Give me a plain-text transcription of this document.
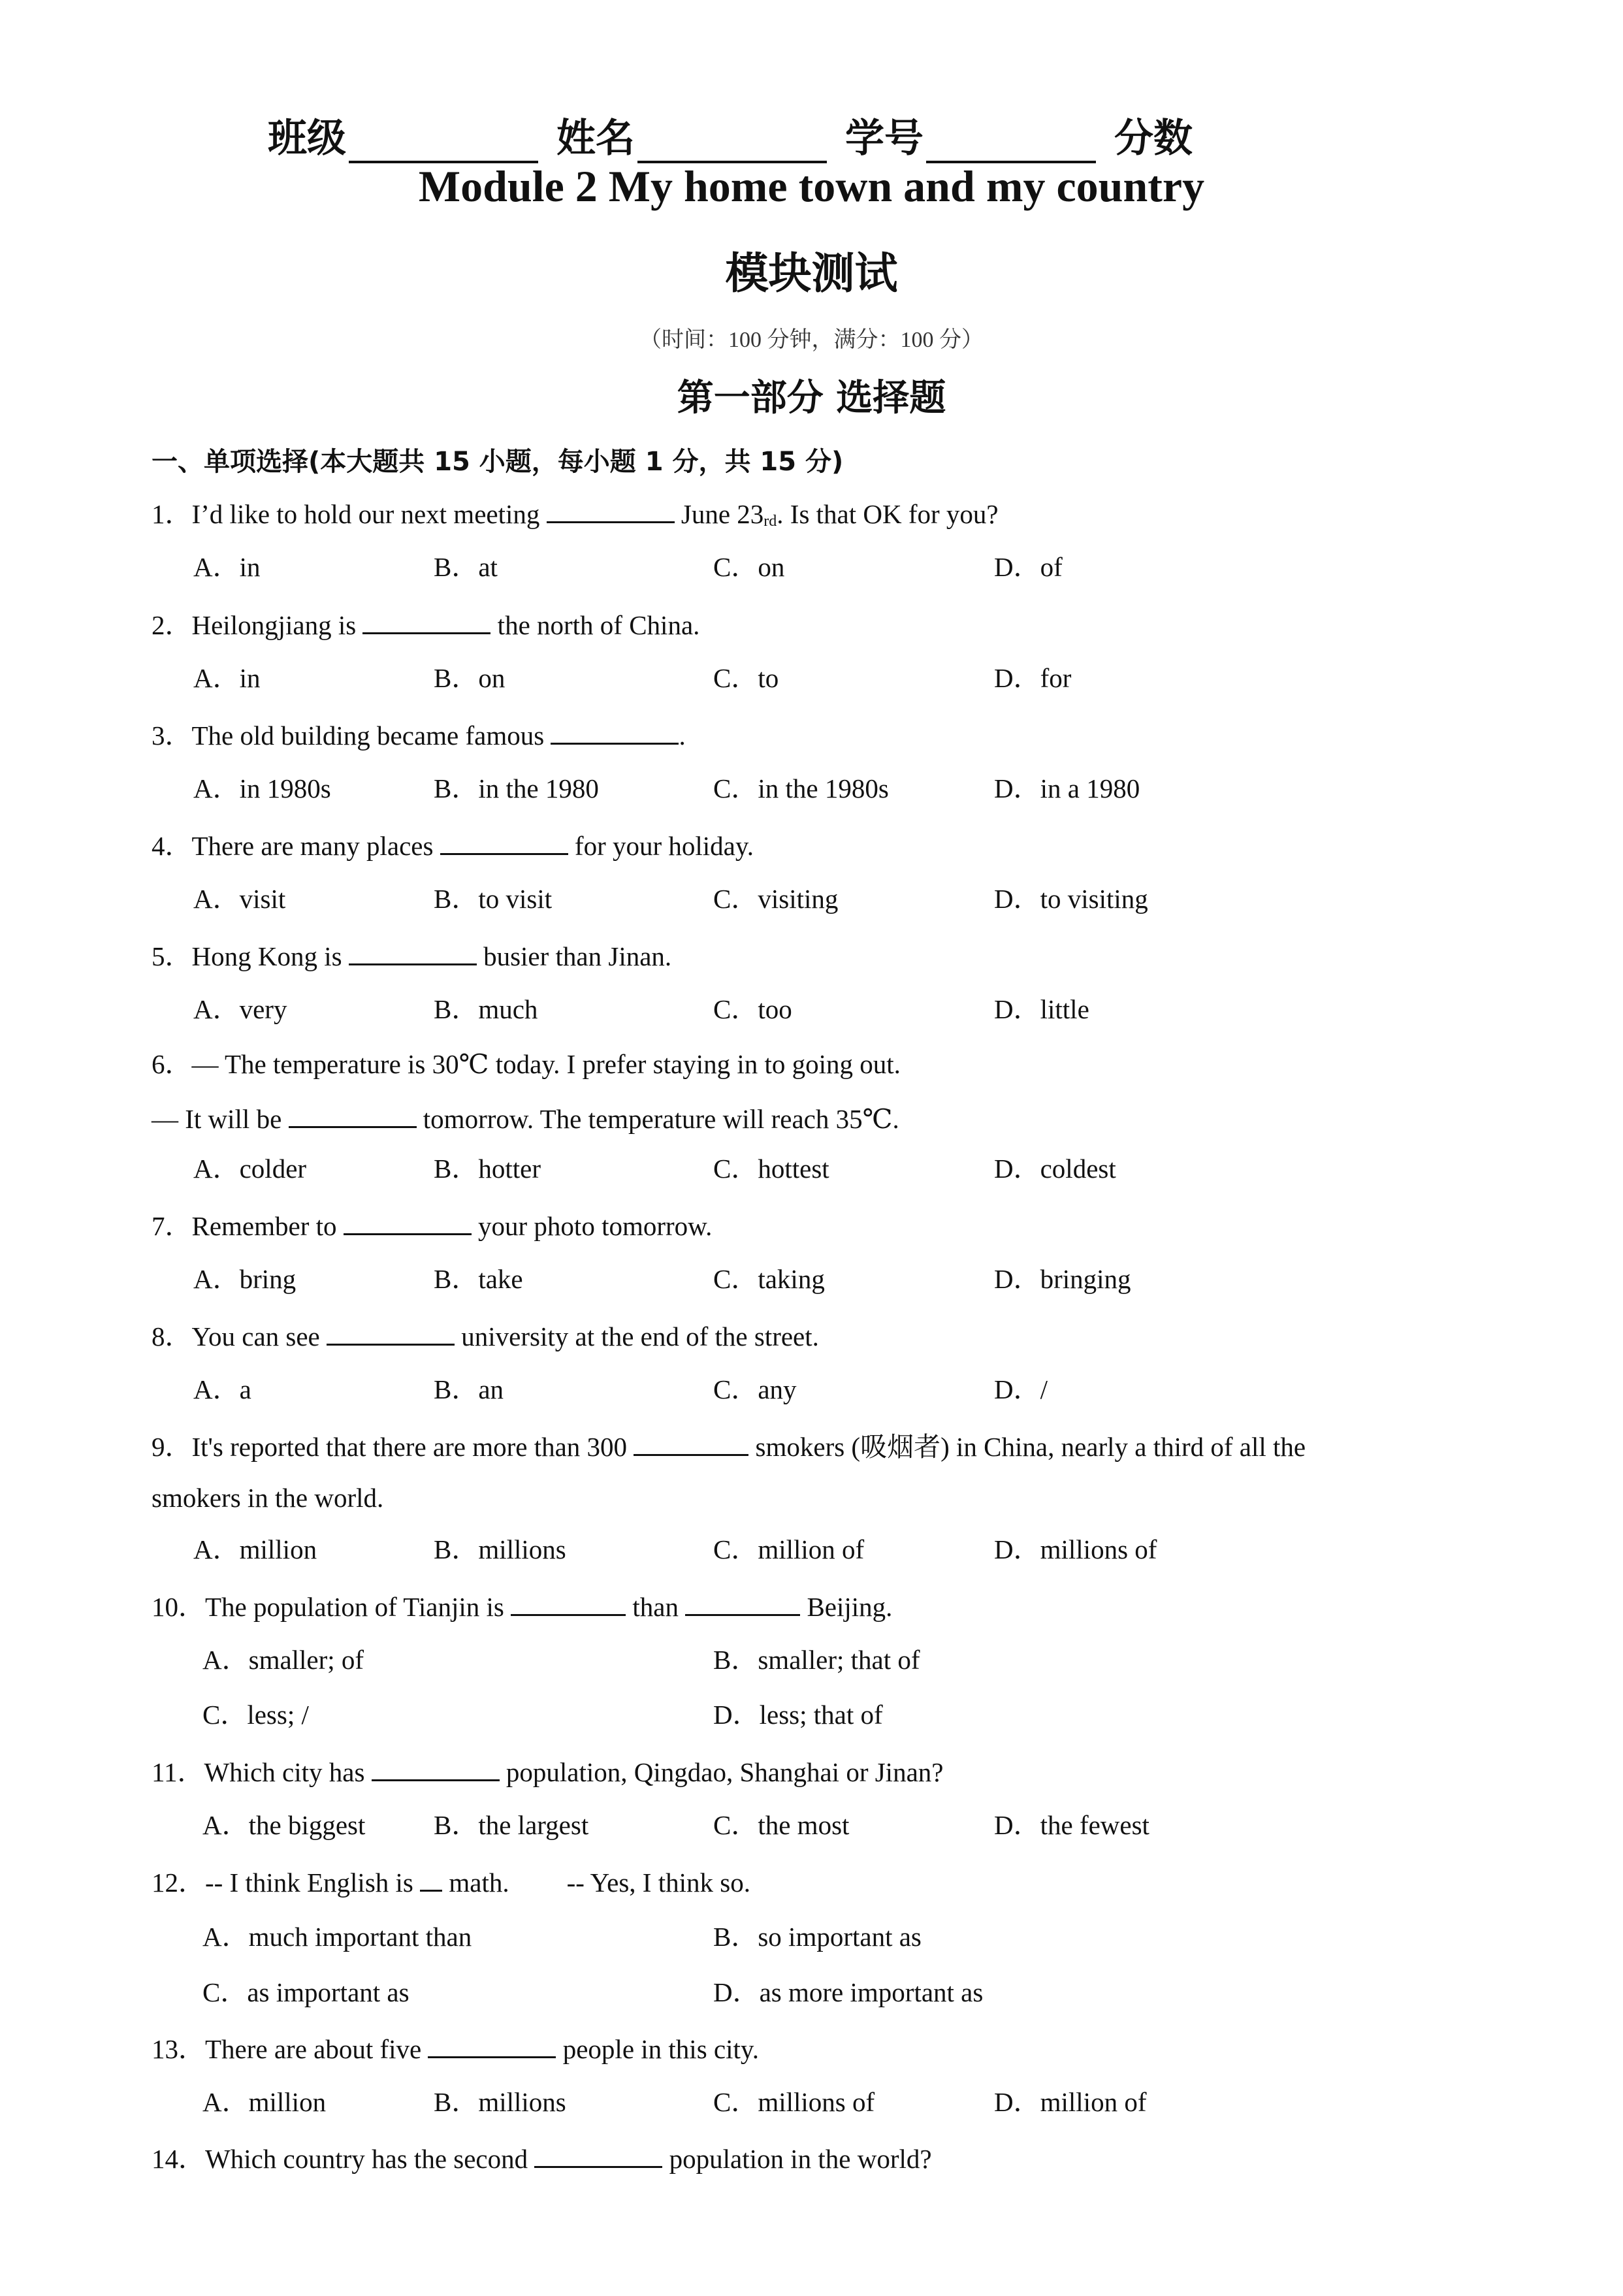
班级	姓名	学号	分数
Module 2 My home town and my country
模块测试
（时间：100 分钟，满分：100 分）
第一部分 选择题
一、单项选择(本大题共 15 小题，每小题 1 分，共 15 分)
1．I’d like to hold our next meeting	June 23rd. Is that OK for you?
A．in	B．at	C．on	D．of
2．Heilongjiang is	the north of China.
A．in	B．on	C．to	D．for
3．The old building became famous	.
A．in 1980s	B．in the 1980	C．in the 1980s	D．in a 1980
4．There are many places	for your holiday.
A．visit	B．to visit	C．visiting	D．to visiting
5．Hong Kong is	busier than Jinan.
A．very	B．much	C．too	D．little
6．— The temperature is 30℃ today. I prefer staying in to going out.
— It will be	tomorrow. The temperature will reach 35℃.
A．colder	B．hotter	C．hottest	D．coldest
7．Remember to	your photo tomorrow.
A．bring	B．take	C．taking	D．bringing
8．You can see	university at the end of the street.
A．a	B．an	C．any	D．/
9．It's reported that there are more than 300	smokers (吸烟者) in China, nearly a third of all the
smokers in the world.
A．million	B．millions	C．million of	D．millions of
10．The population of Tianjin is	than	Beijing.
A．smaller; of	B．smaller; that of
C．less; /	D．less; that of
11．Which city has	population, Qingdao, Shanghai or Jinan?
A．the biggest	B．the largest	C．the most	D．the fewest
12．-- I think English is  math. -- Yes, I think so.
A．much important than	B．so important as
C．as important as	D．as more important as
13．There are about five	people in this city.
A．million	B．millions	C．millions of	D．million of
14．Which country has the second	population in the world?
